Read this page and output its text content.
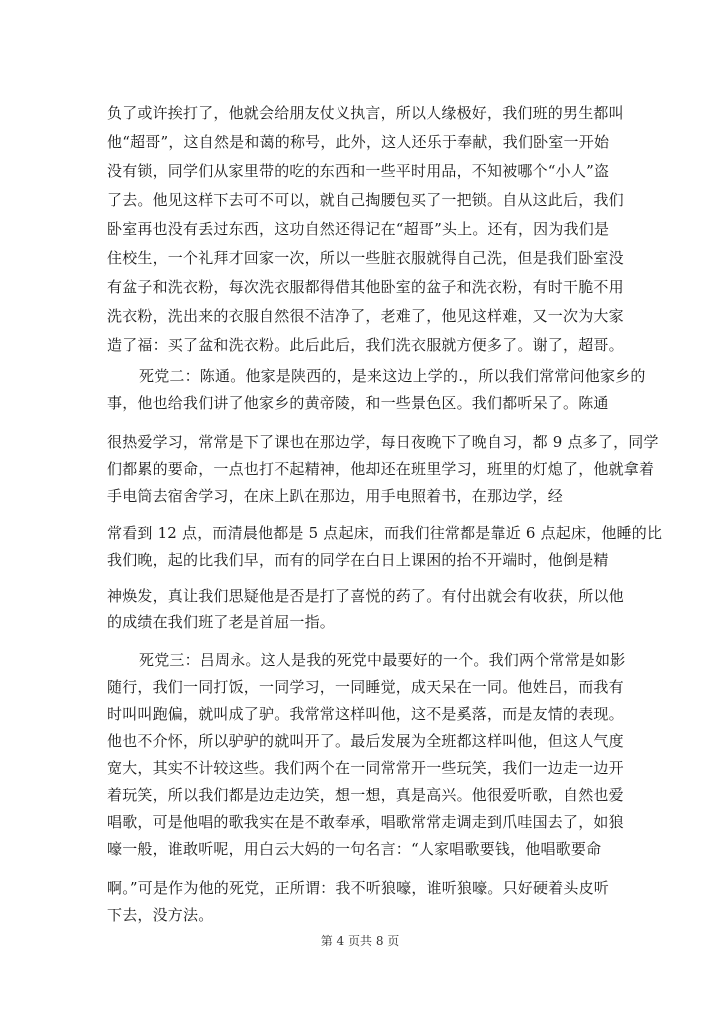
负了或许挨打了，他就会给朋友仗义执言，所以人缘极好，我们班的男生都叫
他“超哥”，这自然是和蔼的称号，此外，这人还乐于奉献，我们卧室一开始
没有锁，同学们从家里带的吃的东西和一些平时用品，不知被哪个“小人”盗
了去。他见这样下去可不可以，就自己掏腰包买了一把锁。自从这此后，我们
卧室再也没有丢过东西，这功自然还得记在“超哥”头上。还有，因为我们是
住校生，一个礼拜才回家一次，所以一些脏衣服就得自己洗，但是我们卧室没
有盆子和洗衣粉，每次洗衣服都得借其他卧室的盆子和洗衣粉，有时干脆不用
洗衣粉，洗出来的衣服自然很不洁净了，老难了，他见这样难，又一次为大家
造了福：买了盆和洗衣粉。此后此后，我们洗衣服就方便多了。谢了，超哥。
死党二：陈通。他家是陕西的，是来这边上学的.，所以我们常常问他家乡的
事，他也给我们讲了他家乡的黄帝陵，和一些景色区。我们都听呆了。陈通
很热爱学习，常常是下了课也在那边学，每日夜晚下了晚自习，都 9 点多了，同学
们都累的要命，一点也打不起精神，他却还在班里学习，班里的灯熄了，他就拿着
手电筒去宿舍学习，在床上趴在那边，用手电照着书，在那边学，经
常看到 12 点，而清晨他都是 5 点起床，而我们往常都是靠近 6 点起床，他睡的比
我们晚，起的比我们早，而有的同学在白日上课困的抬不开端时，他倒是精
神焕发，真让我们思疑他是否是打了喜悦的药了。有付出就会有收获，所以他
的成绩在我们班了老是首屈一指。
死党三：吕周永。这人是我的死党中最要好的一个。我们两个常常是如影
随行，我们一同打饭，一同学习，一同睡觉，成天呆在一同。他姓吕，而我有
时叫叫跑偏，就叫成了驴。我常常这样叫他，这不是奚落，而是友情的表现。
他也不介怀，所以驴驴的就叫开了。最后发展为全班都这样叫他，但这人气度
宽大，其实不计较这些。我们两个在一同常常开一些玩笑，我们一边走一边开
着玩笑，所以我们都是边走边笑，想一想，真是高兴。他很爱听歌，自然也爱
唱歌，可是他唱的歌我实在是不敢奉承，唱歌常常走调走到爪哇国去了，如狼
嚎一般，谁敢听呢，用白云大妈的一句名言：“人家唱歌要钱，他唱歌要命
啊。”可是作为他的死党，正所谓：我不听狼嚎，谁听狼嚎。只好硬着头皮听
下去，没方法。
第 4 页共 8 页
